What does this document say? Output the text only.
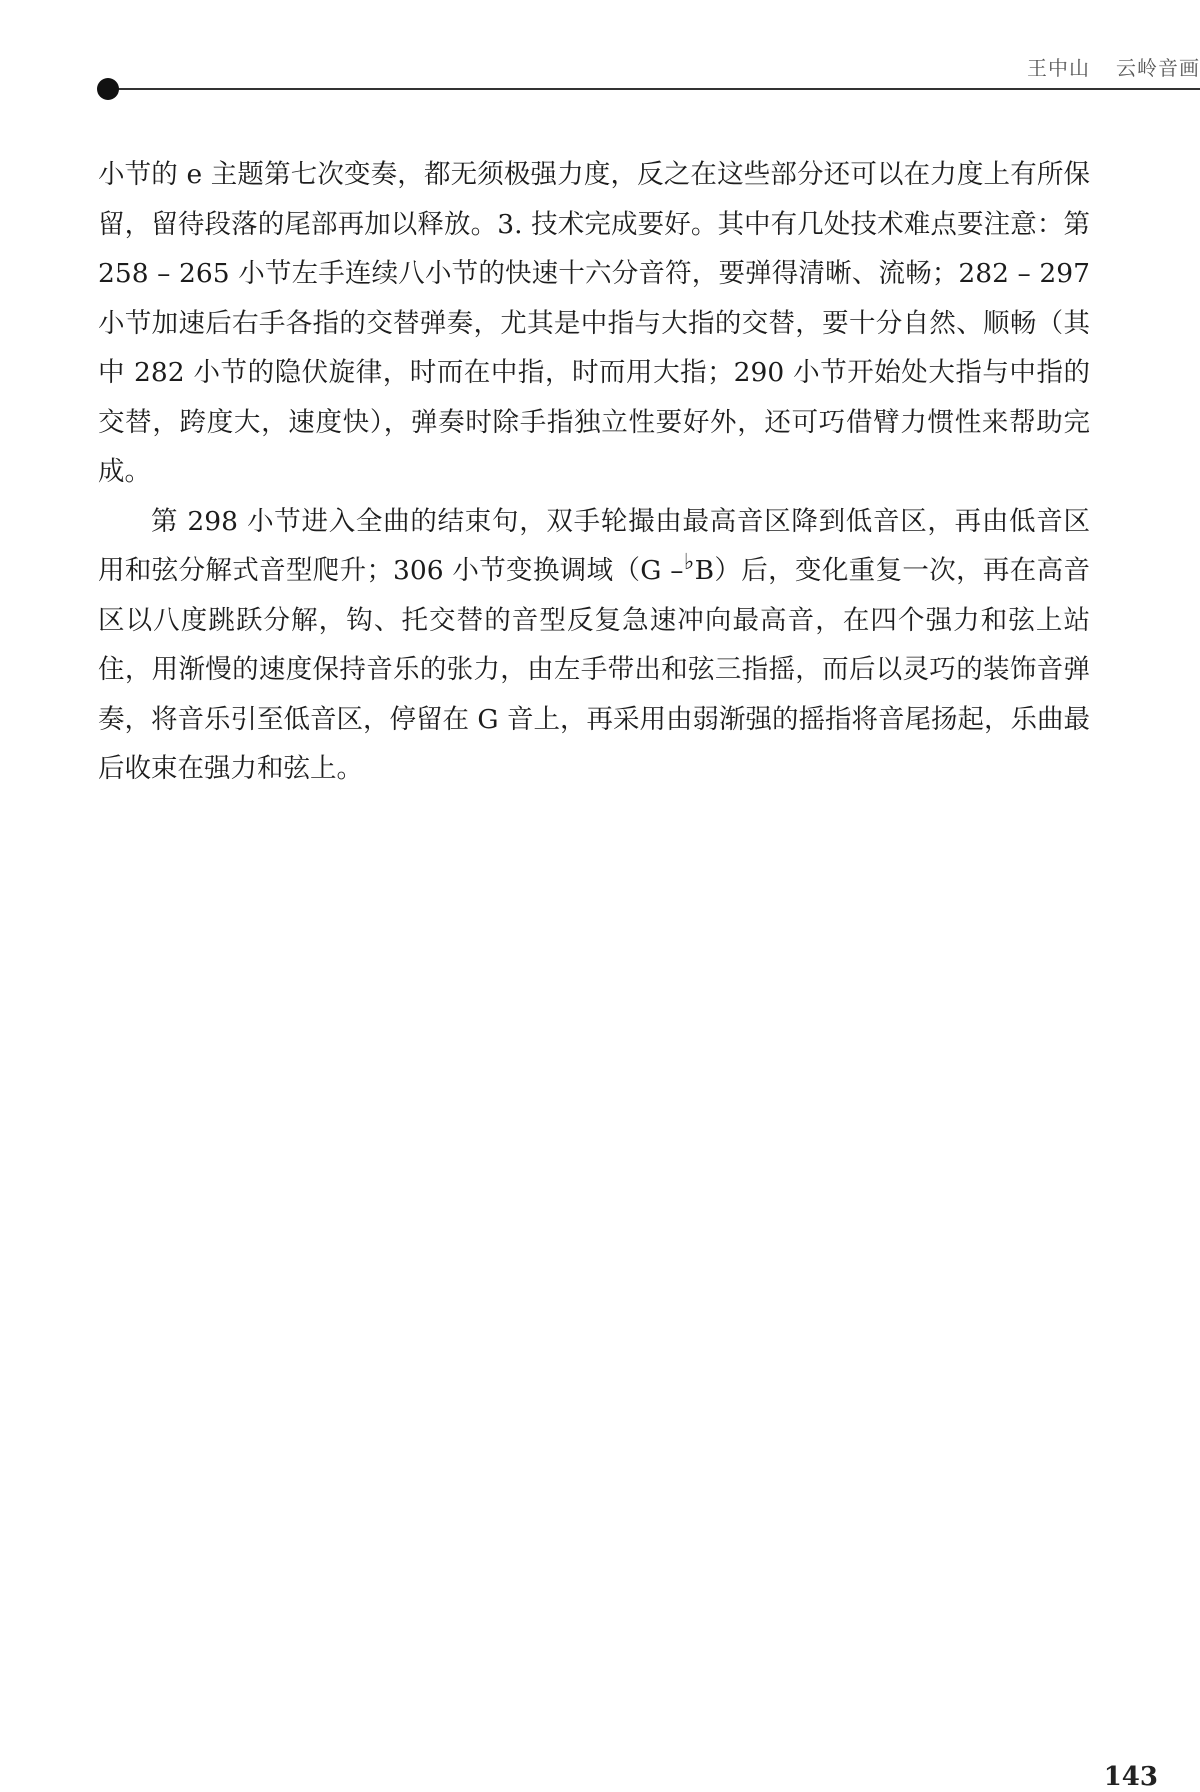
王中山 云岭音画

小节的 e 主题第七次变奏，都无须极强力度，反之在这些部分还可以在力度上有所保留，留待段落的尾部再加以释放。3. 技术完成要好。其中有几处技术难点要注意：第 258 – 265 小节左手连续八小节的快速十六分音符，要弹得清晰、流畅；282 – 297 小节加速后右手各指的交替弹奏，尤其是中指与大指的交替，要十分自然、顺畅（其中 282 小节的隐伏旋律，时而在中指，时而用大指；290 小节开始处大指与中指的交替，跨度大，速度快），弹奏时除手指独立性要好外，还可巧借臂力惯性来帮助完成。

第 298 小节进入全曲的结束句，双手轮撮由最高音区降到低音区，再由低音区用和弦分解式音型爬升；306 小节变换调域（G –♭B）后，变化重复一次，再在高音区以八度跳跃分解，钩、托交替的音型反复急速冲向最高音，在四个强力和弦上站住，用渐慢的速度保持音乐的张力，由左手带出和弦三指摇，而后以灵巧的装饰音弹奏，将音乐引至低音区，停留在 G 音上，再采用由弱渐强的摇指将音尾扬起，乐曲最后收束在强力和弦上。

143
